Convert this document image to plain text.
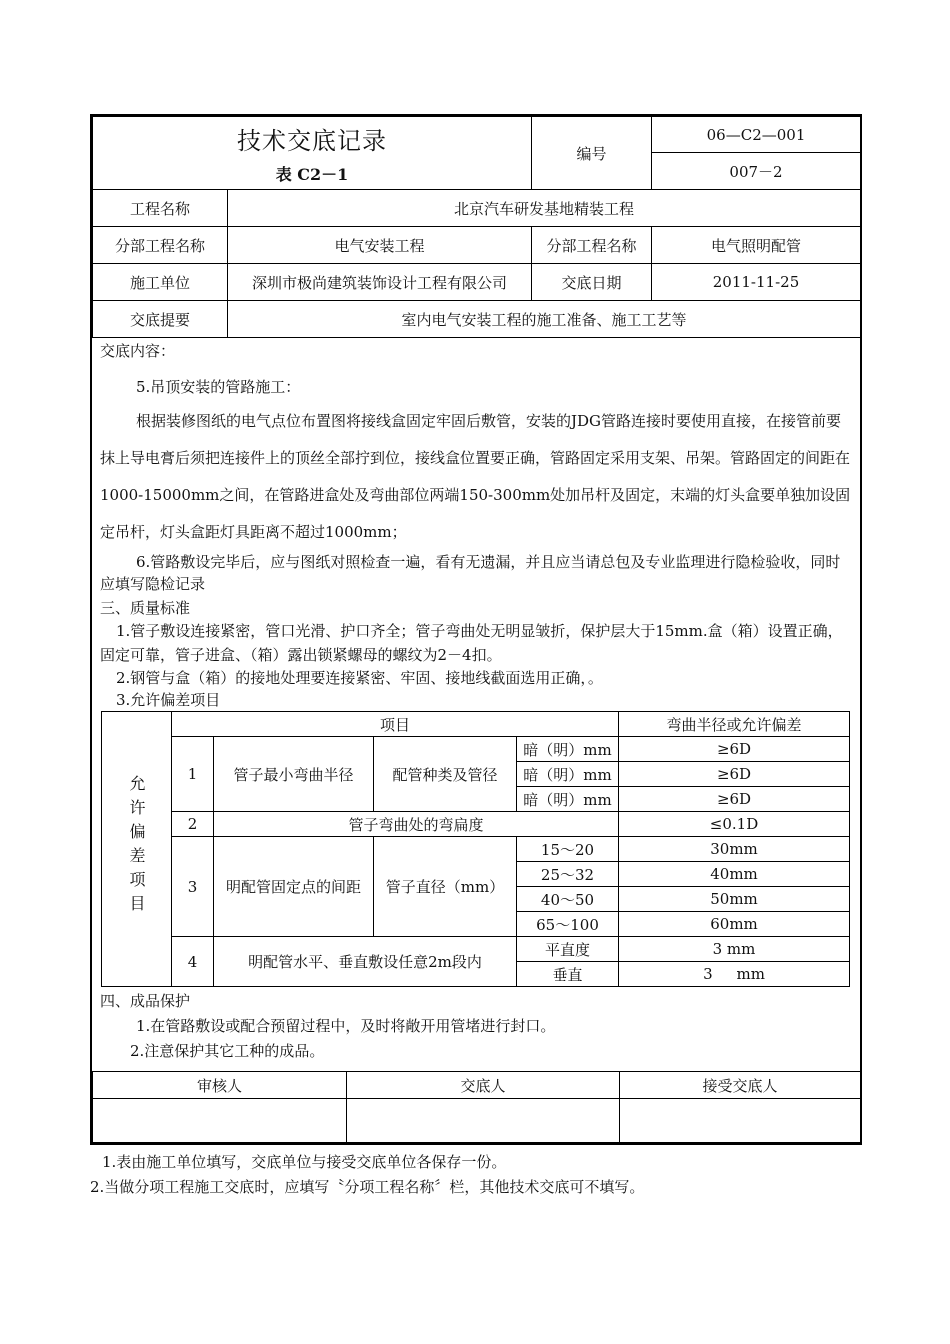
技术交底记录
表 C2－1		编号	06—C2—001
			007－2
工程名称	北京汽车研发基地精装工程		
分部工程名称	电气安装工程	分部工程名称	电气照明配管
施工单位	深圳市极尚建筑装饰设计工程有限公司	交底日期	2011-11-25
交底提要	室内电气安装工程的施工准备、施工工艺等		

交底内容：

5.吊顶安装的管路施工：

根据装修图纸的电气点位布置图将接线盒固定牢固后敷管，安装的JDG管路连接时要使用直接，在接管前要抹上导电膏后须把连接件上的顶丝全部拧到位，接线盒位置要正确，管路固定采用支架、吊架。管路固定的间距在1000-15000mm之间，在管路进盒处及弯曲部位两端150-300mm处加吊杆及固定，末端的灯头盒要单独加设固定吊杆，灯头盒距灯具距离不超过1000mm；

6.管路敷设完毕后，应与图纸对照检查一遍，看有无遗漏，并且应当请总包及专业监理进行隐检验收，同时应填写隐检记录

三、质量标准

1.管子敷设连接紧密，管口光滑、护口齐全；管子弯曲处无明显皱折，保护层大于15mm.盒（箱）设置正确，固定可靠，管子进盒、（箱）露出锁紧螺母的螺纹为2－4扣。

2.钢管与盒（箱）的接地处理要连接紧密、牢固、接地线截面选用正确，。

3.允许偏差项目

允许偏差项目	项目				弯曲半径或允许偏差
	1	管子最小弯曲半径	配管种类及管径	暗（明）mm	≥6D
				暗（明）mm	≥6D
				暗（明）mm	≥6D
	2	管子弯曲处的弯扁度			≤0.1D
	3	明配管固定点的间距	管子直径（mm）	15～20	30mm
				25～32	40mm
				40～50	50mm
				65～100	60mm
	4	明配管水平、垂直敷设任意2m段内		平直度	3 mm
				垂直	3     mm

四、成品保护

1.在管路敷设或配合预留过程中，及时将敞开用管堵进行封口。

2.注意保护其它工种的成品。

审核人	交底人	接受交底人

1.表由施工单位填写，交底单位与接受交底单位各保存一份。
2.当做分项工程施工交底时，应填写〝分项工程名称〞栏，其他技术交底可不填写。
